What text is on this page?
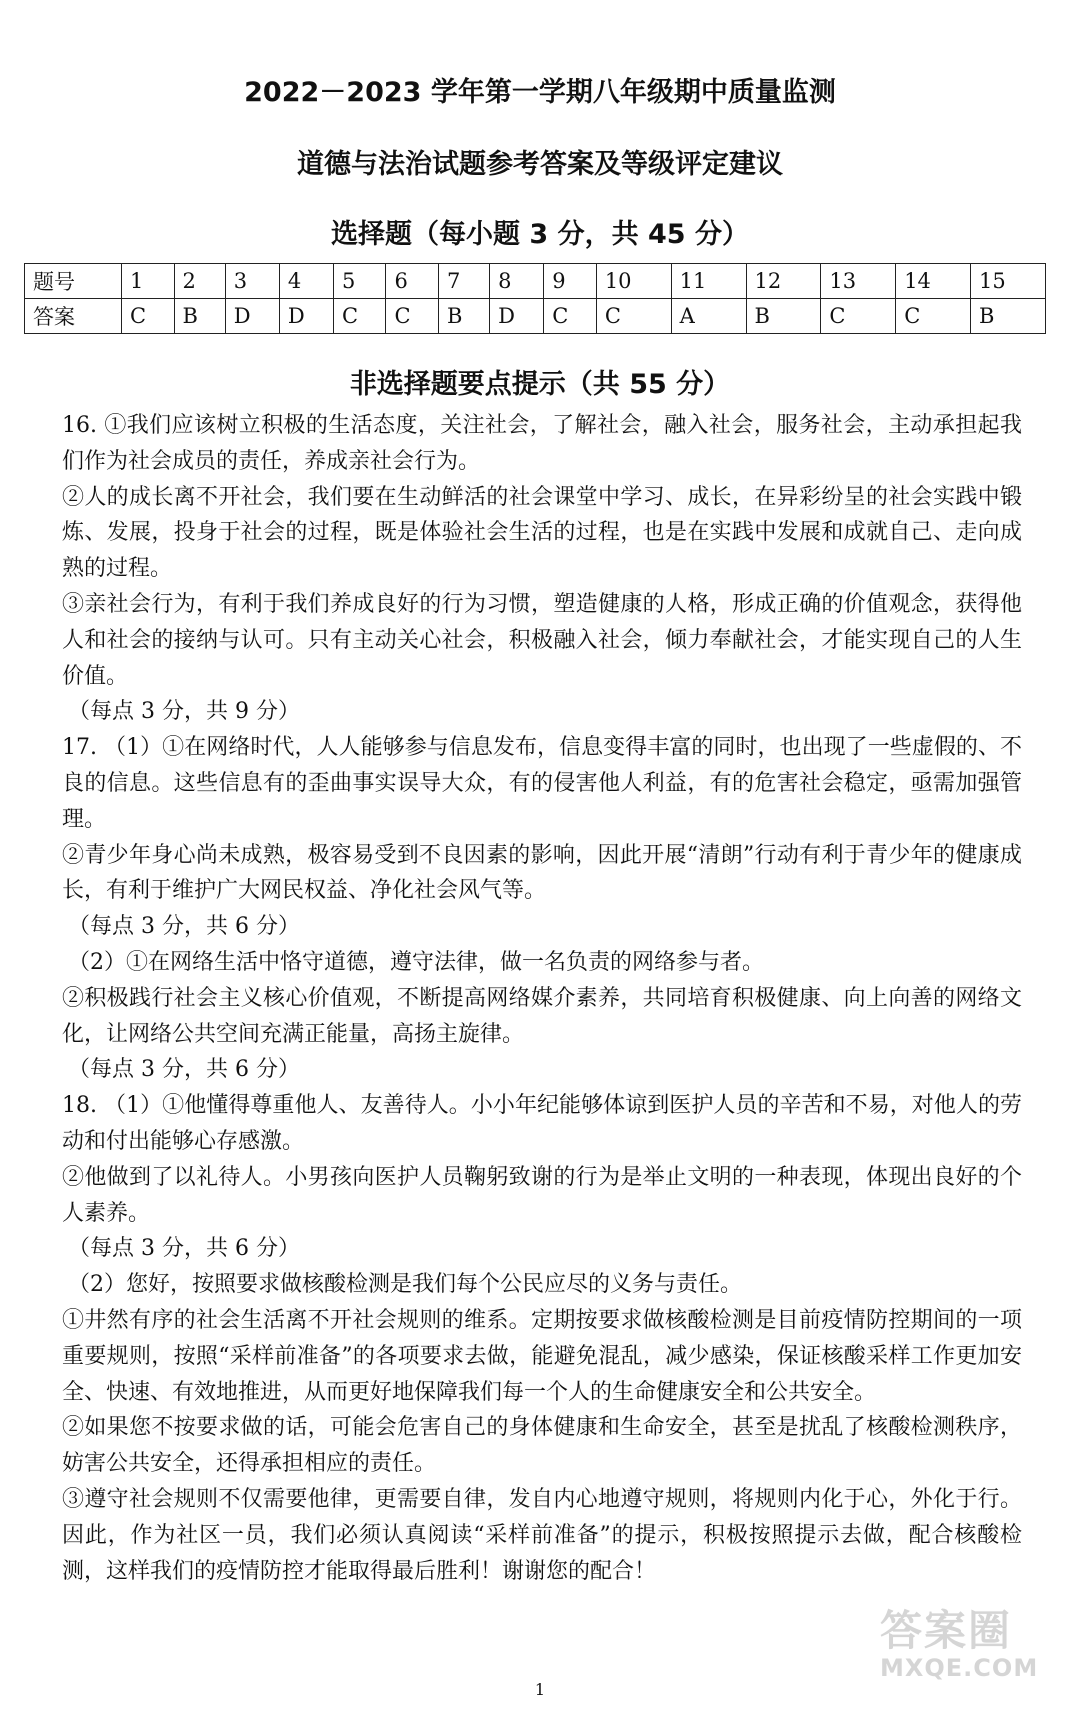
2022－2023 学年第一学期八年级期中质量监测
道德与法治试题参考答案及等级评定建议
选择题（每小题 3 分，共 45 分）
题号	1	2	3	4	5	6	7	8	9	10	11	12	13	14	15
答案	C	B	D	D	C	C	B	D	C	C	A	B	C	C	B
非选择题要点提示（共 55 分）

16. ①我们应该树立积极的生活态度，关注社会，了解社会，融入社会，服务社会，主动承担起我们作为社会成员的责任，养成亲社会行为。

②人的成长离不开社会，我们要在生动鲜活的社会课堂中学习、成长，在异彩纷呈的社会实践中锻炼、发展，投身于社会的过程，既是体验社会生活的过程，也是在实践中发展和成就自己、走向成熟的过程。

③亲社会行为，有利于我们养成良好的行为习惯，塑造健康的人格，形成正确的价值观念，获得他人和社会的接纳与认可。只有主动关心社会，积极融入社会，倾力奉献社会，才能实现自己的人生价值。

（每点 3 分，共 9 分）

17. （1）①在网络时代，人人能够参与信息发布，信息变得丰富的同时，也出现了一些虚假的、不良的信息。这些信息有的歪曲事实误导大众，有的侵害他人利益，有的危害社会稳定，亟需加强管理。

②青少年身心尚未成熟，极容易受到不良因素的影响，因此开展“清朗”行动有利于青少年的健康成长，有利于维护广大网民权益、净化社会风气等。

（每点 3 分，共 6 分）

（2）①在网络生活中恪守道德，遵守法律，做一名负责的网络参与者。

②积极践行社会主义核心价值观，不断提高网络媒介素养，共同培育积极健康、向上向善的网络文化，让网络公共空间充满正能量，高扬主旋律。

（每点 3 分，共 6 分）

18. （1）①他懂得尊重他人、友善待人。小小年纪能够体谅到医护人员的辛苦和不易，对他人的劳动和付出能够心存感激。

②他做到了以礼待人。小男孩向医护人员鞠躬致谢的行为是举止文明的一种表现，体现出良好的个人素养。

（每点 3 分，共 6 分）

（2）您好，按照要求做核酸检测是我们每个公民应尽的义务与责任。

①井然有序的社会生活离不开社会规则的维系。定期按要求做核酸检测是目前疫情防控期间的一项重要规则，按照“采样前准备”的各项要求去做，能避免混乱，减少感染，保证核酸采样工作更加安全、快速、有效地推进，从而更好地保障我们每一个人的生命健康安全和公共安全。

②如果您不按要求做的话，可能会危害自己的身体健康和生命安全，甚至是扰乱了核酸检测秩序，妨害公共安全，还得承担相应的责任。

③遵守社会规则不仅需要他律，更需要自律，发自内心地遵守规则，将规则内化于心，外化于行。因此，作为社区一员，我们必须认真阅读“采样前准备”的提示，积极按照提示去做，配合核酸检测，这样我们的疫情防控才能取得最后胜利！谢谢您的配合！

1
答案圈
MXQE.COM
